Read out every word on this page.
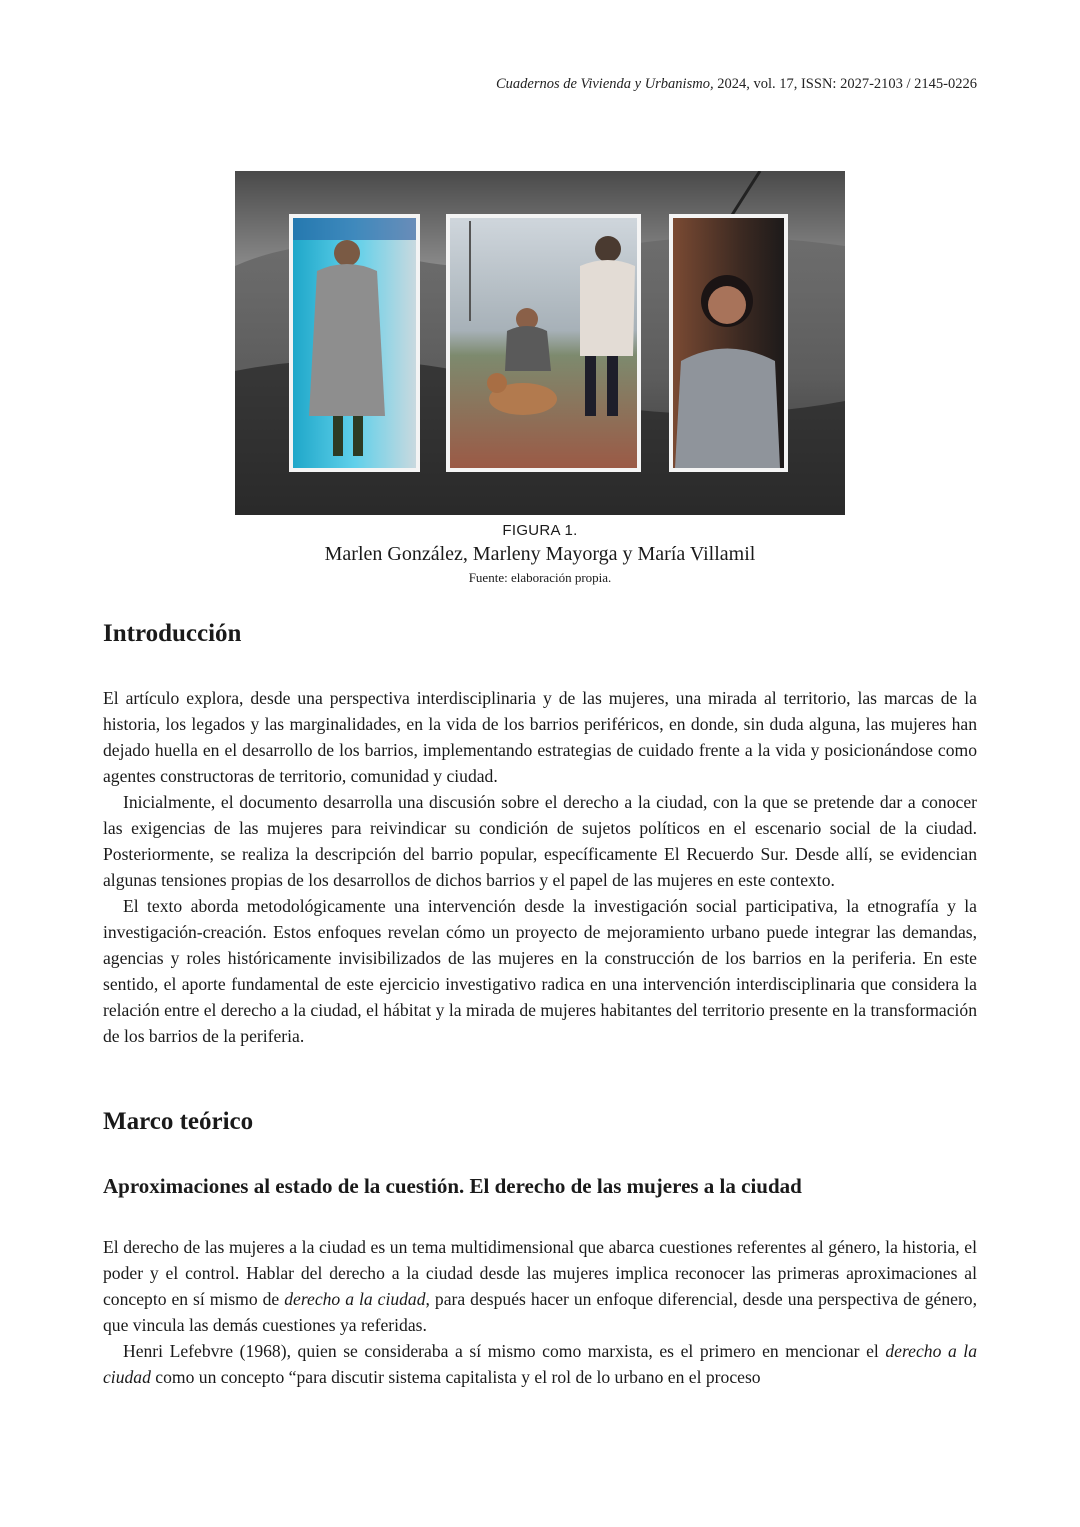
Cuadernos de Vivienda y Urbanismo, 2024, vol. 17, ISSN: 2027-2103 / 2145-0226
FIGURA 1.
Marlen González, Marleny Mayorga y María Villamil
Fuente: elaboración propia.
Introducción

El artículo explora, desde una perspectiva interdisciplinaria y de las mujeres, una mirada al territorio, las marcas de la historia, los legados y las marginalidades, en la vida de los barrios periféricos, en donde, sin duda alguna, las mujeres han dejado huella en el desarrollo de los barrios, implementando estrategias de cuidado frente a la vida y posicionándose como agentes constructoras de territorio, comunidad y ciudad.

Inicialmente, el documento desarrolla una discusión sobre el derecho a la ciudad, con la que se pretende dar a conocer las exigencias de las mujeres para reivindicar su condición de sujetos políticos en el escenario social de la ciudad. Posteriormente, se realiza la descripción del barrio popular, específicamente El Recuerdo Sur. Desde allí, se evidencian algunas tensiones propias de los desarrollos de dichos barrios y el papel de las mujeres en este contexto.

El texto aborda metodológicamente una intervención desde la investigación social participativa, la etnografía y la investigación-creación. Estos enfoques revelan cómo un proyecto de mejoramiento urbano puede integrar las demandas, agencias y roles históricamente invisibilizados de las mujeres en la construcción de los barrios en la periferia. En este sentido, el aporte fundamental de este ejercicio investigativo radica en una intervención interdisciplinaria que considera la relación entre el derecho a la ciudad, el hábitat y la mirada de mujeres habitantes del territorio presente en la transformación de los barrios de la periferia.

Marco teórico
Aproximaciones al estado de la cuestión. El derecho de las mujeres a la ciudad

El derecho de las mujeres a la ciudad es un tema multidimensional que abarca cuestiones referentes al género, la historia, el poder y el control. Hablar del derecho a la ciudad desde las mujeres implica reconocer las primeras aproximaciones al concepto en sí mismo de derecho a la ciudad, para después hacer un enfoque diferencial, desde una perspectiva de género, que vincula las demás cuestiones ya referidas.

Henri Lefebvre (1968), quien se consideraba a sí mismo como marxista, es el primero en mencionar el derecho a la ciudad como un concepto “para discutir sistema capitalista y el rol de lo urbano en el proceso
